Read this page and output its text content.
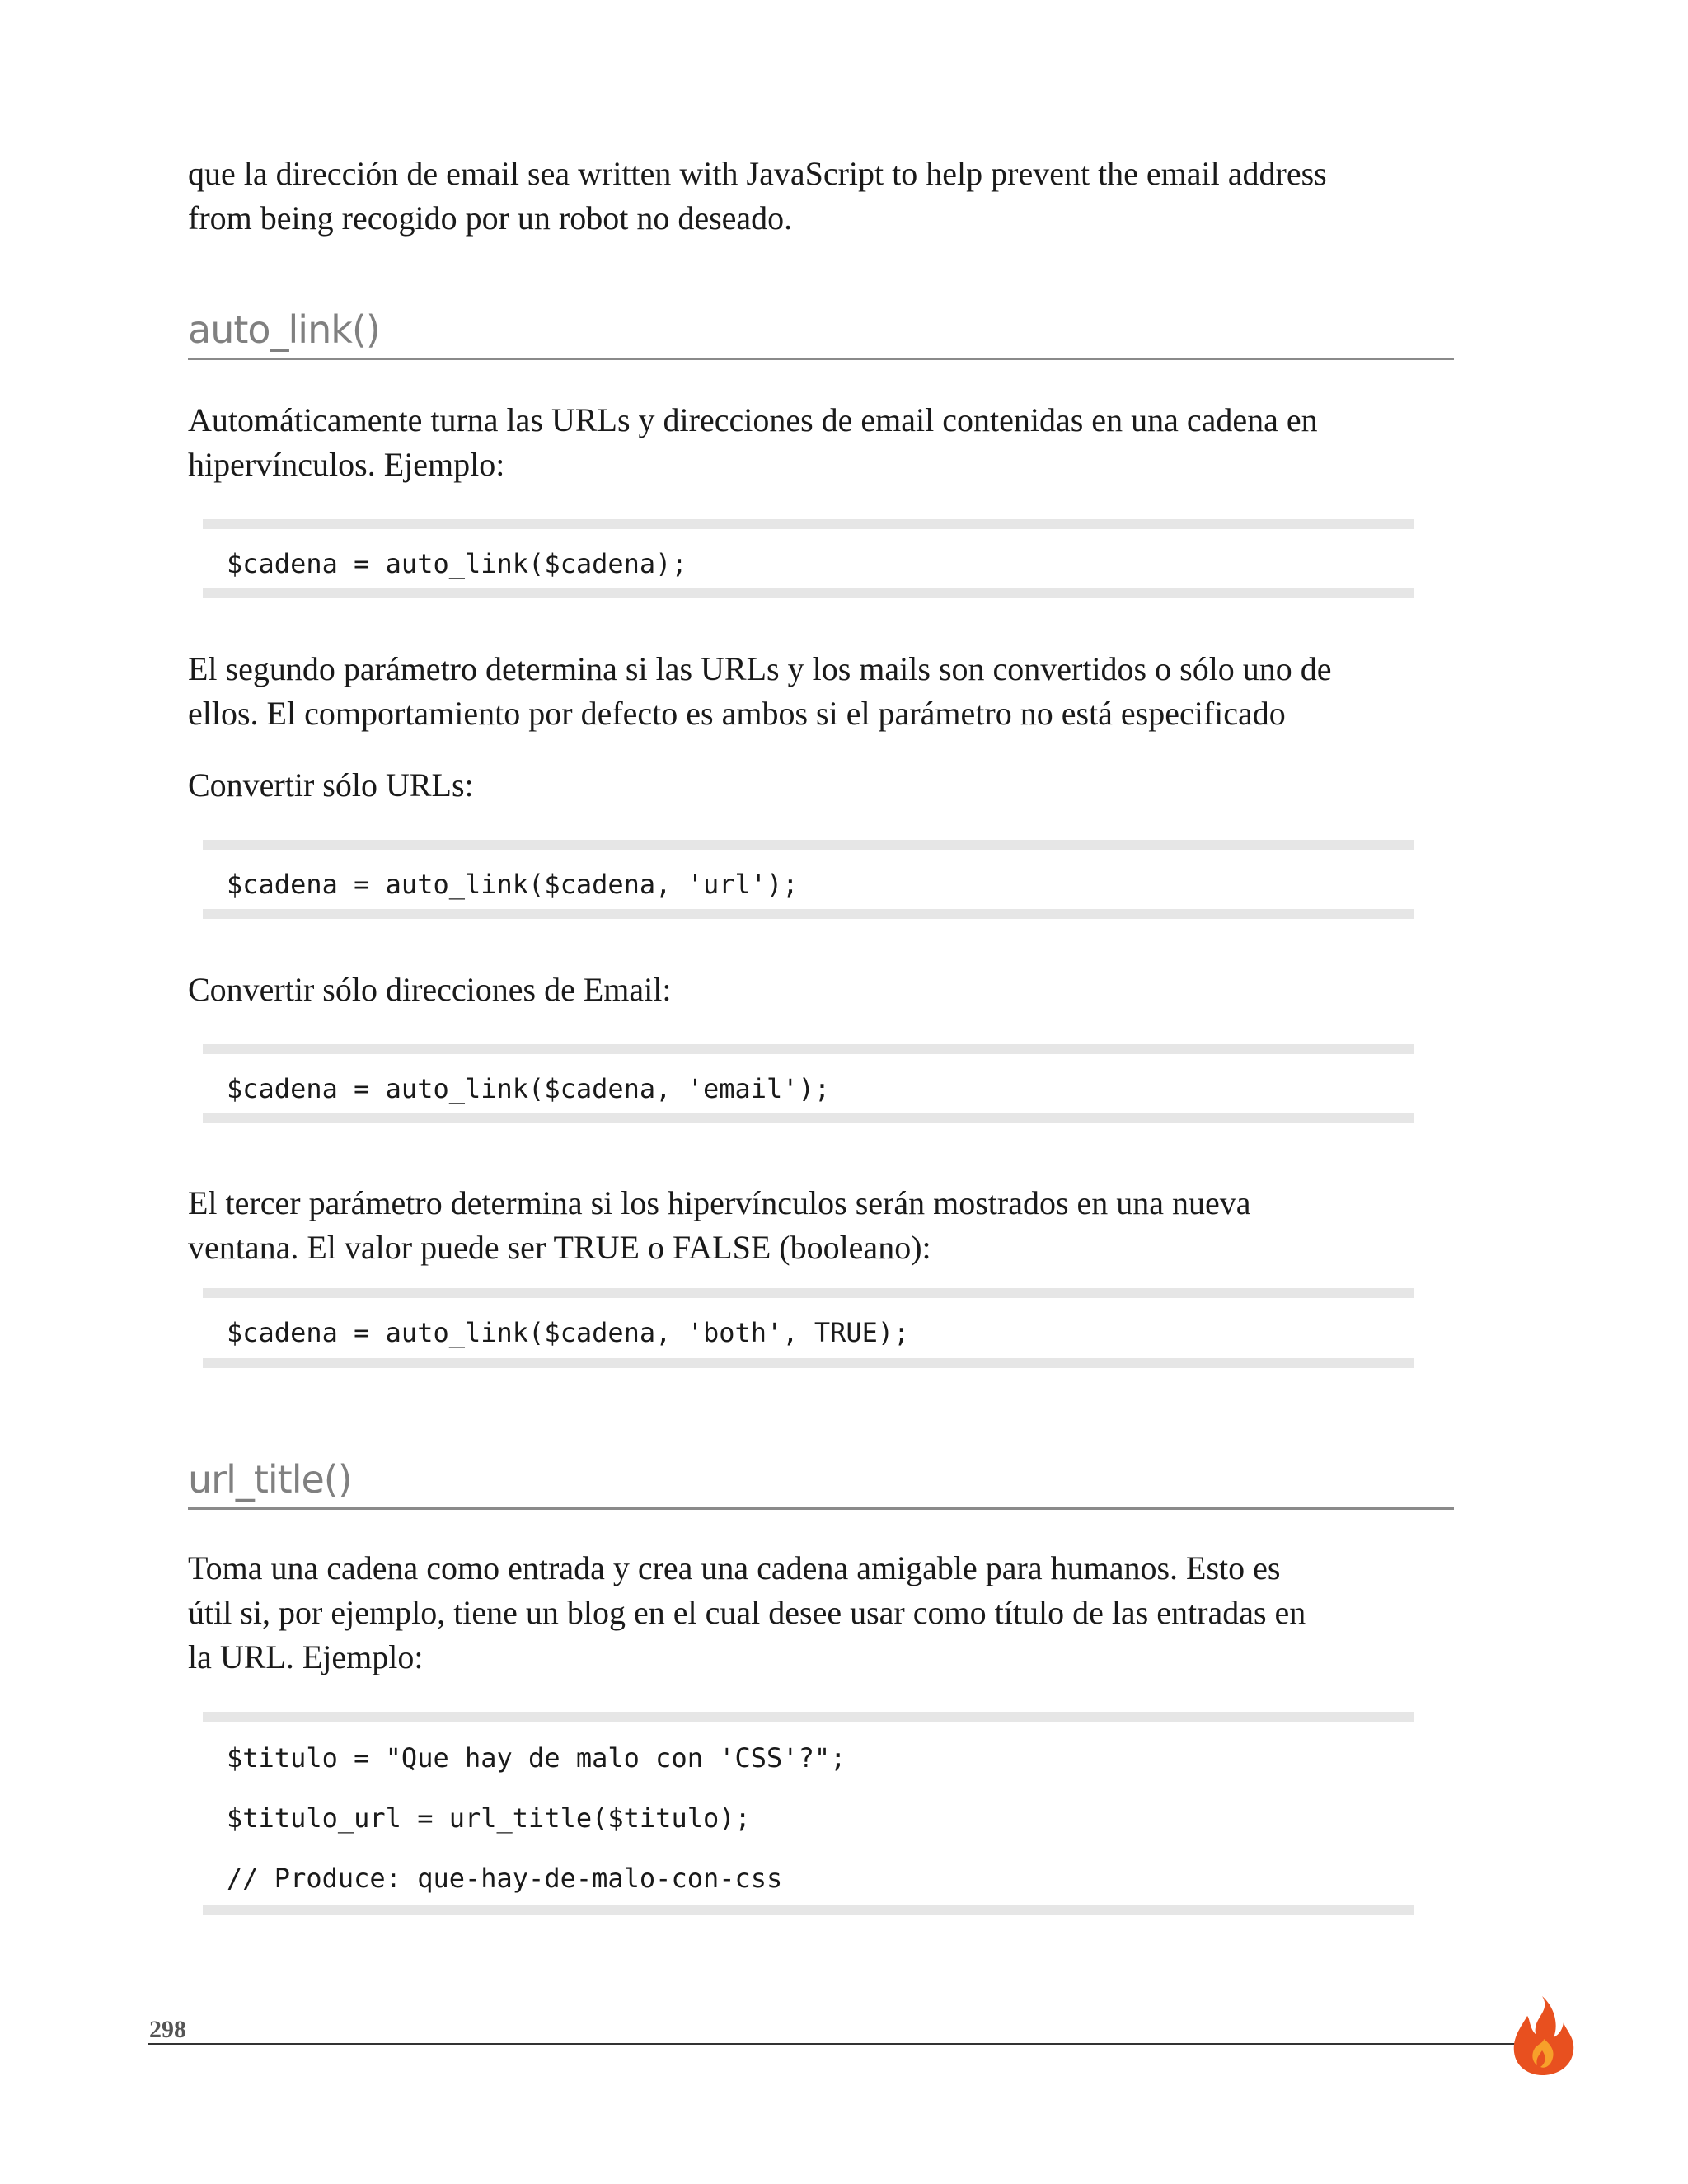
que la dirección de email sea written with JavaScript to help prevent the email address
from being recogido por un robot no deseado.
auto_link()
Automáticamente turna las URLs y direcciones de email contenidas en una cadena en
hipervínculos. Ejemplo:
$cadena = auto_link($cadena);
El segundo parámetro determina si las URLs y los mails son convertidos o sólo uno de
ellos. El comportamiento por defecto es ambos si el parámetro no está especificado
Convertir sólo URLs:
$cadena = auto_link($cadena, 'url');
Convertir sólo direcciones de Email:
$cadena = auto_link($cadena, 'email');
El tercer parámetro determina si los hipervínculos serán mostrados en una nueva
ventana. El valor puede ser TRUE o FALSE (booleano):
$cadena = auto_link($cadena, 'both', TRUE);
url_title()
Toma una cadena como entrada y crea una cadena amigable para humanos. Esto es
útil si, por ejemplo, tiene un blog en el cual desee usar como título de las entradas en
la URL. Ejemplo:
$titulo = "Que hay de malo con 'CSS'?";
$titulo_url = url_title($titulo);
// Produce: que-hay-de-malo-con-css
298
